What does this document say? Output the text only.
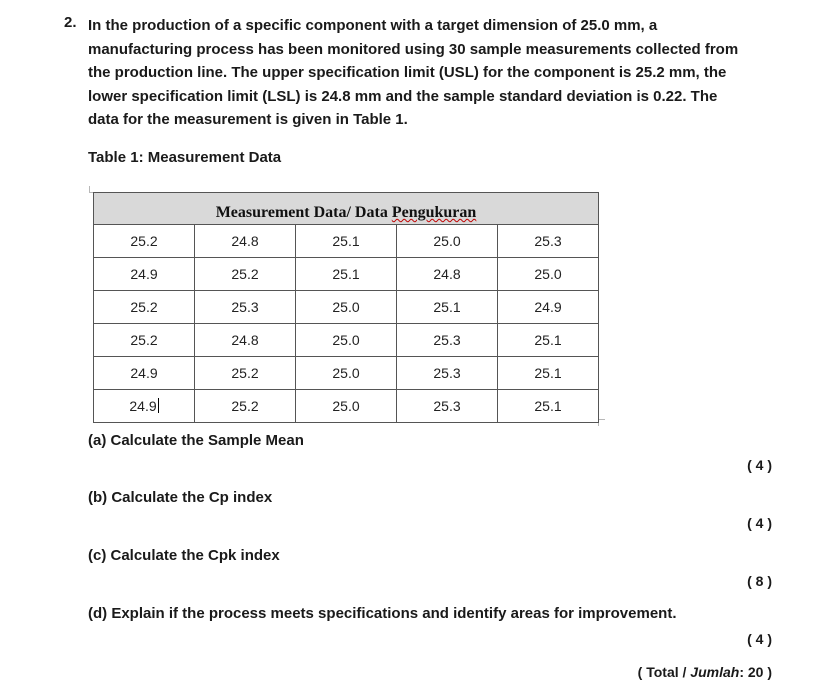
2. In the production of a specific component with a target dimension of 25.0 mm, a
manufacturing process has been monitored using 30 sample measurements collected from
the production line. The upper specification limit (USL) for the component is 25.2 mm, the
lower specification limit (LSL) is 24.8 mm and the sample standard deviation is 0.22. The
data for the measurement is given in Table 1.
Table 1: Measurement Data
Measurement Data/ Data Pengukuran				
25.2	24.8	25.1	25.0	25.3
24.9	25.2	25.1	24.8	25.0
25.2	25.3	25.0	25.1	24.9
25.2	24.8	25.0	25.3	25.1
24.9	25.2	25.0	25.3	25.1
24.9	25.2	25.0	25.3	25.1
(a) Calculate the Sample Mean
( 4 )
(b) Calculate the Cp index
( 4 )
(c) Calculate the Cpk index
( 8 )
(d) Explain if the process meets specifications and identify areas for improvement.
( 4 )
( Total / Jumlah: 20 )
